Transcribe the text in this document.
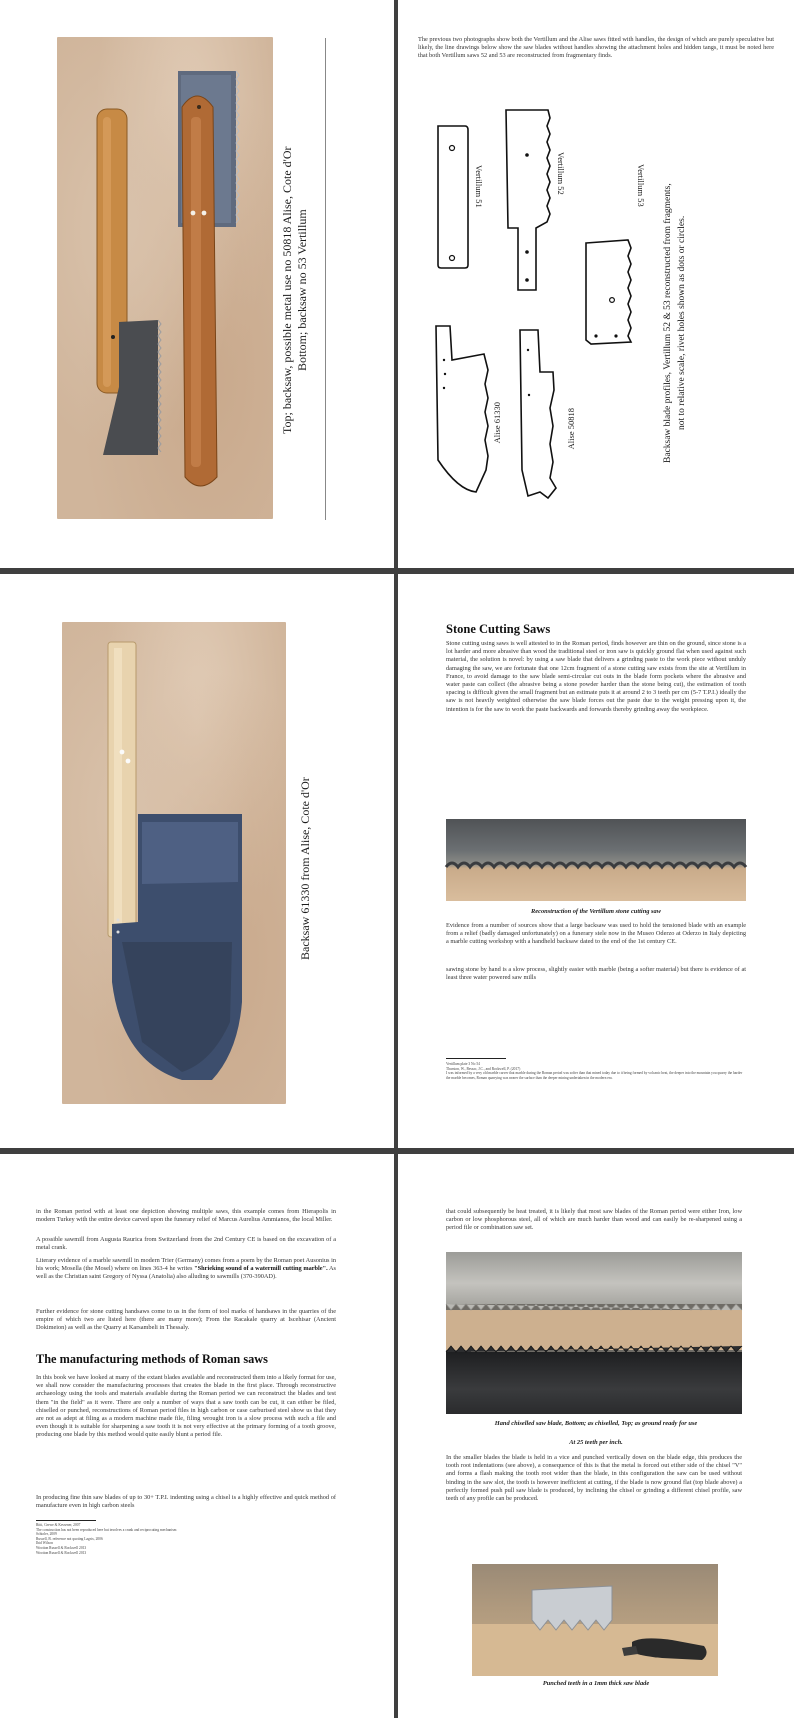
Top; backsaw, possible metal use no 50818 Alise, Cote d'Or
Bottom; backsaw no 53 Vertillum
The previous two photographs show both the Vertillum and the Alise saws fitted with handles, the design of which are purely speculative but likely, the line drawings below show the saw blades without handles showing the attachment holes and hidden tangs, it must be noted here that both Vertillum saws 52 and 53 are reconstructed from fragmentary finds.
Vertillum 51	Vertillum 52	Vertillum 53
Alise 61330	Alise 50818	Backsaw blade profiles, Vertillum 52 & 53 reconstructed from fragments, not to relative scale, rivet holes shown as dots or circles.
Backsaw 61330 from Alise, Cote d'Or
Stone Cutting Saws
Stone cutting using saws is well attested to in the Roman period, finds however are thin on the ground, since stone is a lot harder and more abrasive than wood the traditional steel or iron saw is quickly ground flat when used against such material, the solution is novel: by using a saw blade that delivers a grinding paste to the work piece without unduly damaging the saw, we are fortunate that one 12cm fragment of a stone cutting saw exists from the site at Vertillum in France, to avoid damage to the saw blade semi-circular cut outs in the blade form pockets where the abrasive and water paste can collect (the abrasive being a stone powder harder than the stone being cut), the estimation of tooth spacing is difficult given the small fragment but an estimate puts it at around 2 to 3 teeth per cm (5-7 T.P.I.) ideally the saw is not heavily weighted otherwise the saw blade forces out the paste due to the weight pressing upon it, the intention is for the saw to work the paste backwards and forwards thereby grinding away the workpiece.
Reconstruction of the Vertillum stone cutting saw
Evidence from a number of sources show that a large backsaw was used to hold the tensioned blade with an example from a relief (badly damaged unfortunately) on a funerary stele now in the Museo Oderzo at Oderzo in Italy depicting a marble cutting workshop with a handheld backsaw dated to the end of the 1st century CE.
sawing stone by hand is a slow process, slightly easier with marble (being a softer material) but there is evidence of at least three water powered saw mills
Vertillum plate 3 No 54
Thurston, W., Bessac, J.C., and Rockwell, P. (2017)
I was informed by a very old marble carver that marble during the Roman period was softer than that mined today due to it being formed by volcanic heat, the deeper into the mountain you quarry the harder the marble becomes, Roman quarrying was nearer the surface than the deeper mining undertaken in the modern era.
in the Roman period with at least one depiction showing multiple saws, this example comes from Hierapolis in modern Turkey with the entire device carved upon the funerary relief of Marcus Aurelius Ammianos, the local Miller.
A possible sawmill from Augusta Raurica from Switzerland from the 2nd Century CE is based on the excavation of a metal crank.
Literary evidence of a marble sawmill in modern Trier (Germany) comes from a poem by the Roman poet Ausonius in his work; Mosella (the Mosel) where on lines 363-4 he writes "Shrieking sound of a watermill cutting marble". As well as the Christian saint Gregory of Nyssa (Anatolia) also alluding to sawmills (370-390AD).
Further evidence for stone cutting handsaws come to us in the form of tool marks of handsaws in the quarries of the empire of which two are listed here (there are many more); From the Racakale quarry at Iscehisar (Ancient Dokimeion) as well as the Quarry at Karsambeli in Thessaly.
The manufacturing methods of Roman saws
In this book we have looked at many of the extant blades available and reconstructed them into a likely format for use, we shall now consider the manufacturing processes that creates the blade in the first place. Through reconstructive archaeology using the tools and materials available during the Roman period we can reconstruct the blades and test them "in the field" as it were. There are only a number of ways that a saw tooth can be cut, it can either be filed, chiselled or punched, reconstructions of Roman period files in high carbon or case carburised steel show us that they are not as adept at filing as a modern machine made file, filing wrought iron is a slow process with such a file and even though it is suitable for sharpening a saw tooth it is not very effective at the primary forming of a tooth groove, producing one blade by this method would quite easily blunt a period file.
In producing fine thin saw blades of up to 30+ T.P.I. indenting using a chisel is a highly effective and quick method of manufacture even in high carbon steels
Ritti, Grewe & Kessener, 2007
The construction has not been reproduced here but involves a crank and reciprocating mechanism
Schioler, 2009
Russell, B. reference not quoting Lagrix, 2006
Ibid Wilson
Wootton Russell & Rockwell 2013
Wootton Russell & Rockwell 2013
that could subsequently be heat treated, it is likely that most saw blades of the Roman period were either Iron, low carbon or low phosphorous steel, all of which are much harder than wood and can easily be re-sharpened using a period file or combination saw set.
Hand chiselled saw blade, Bottom; as chiselled, Top; as ground ready for use
At 25 teeth per inch.
In the smaller blades the blade is held in a vice and punched vertically down on the blade edge, this produces the tooth root indentations (see above), a consequence of this is that the metal is forced out either side of the chisel "V" and forms a flash making the tooth root wider than the blade, in this configuration the saw can be used without binding in the saw slot, the tooth is however inefficient at cutting, if the blade is now ground flat (top blade above) a perfectly formed push pull saw blade is produced, by inclining the chisel or grinding a different chisel profile, saw teeth of any profile can be produced.
Punched teeth in a 1mm thick saw blade
